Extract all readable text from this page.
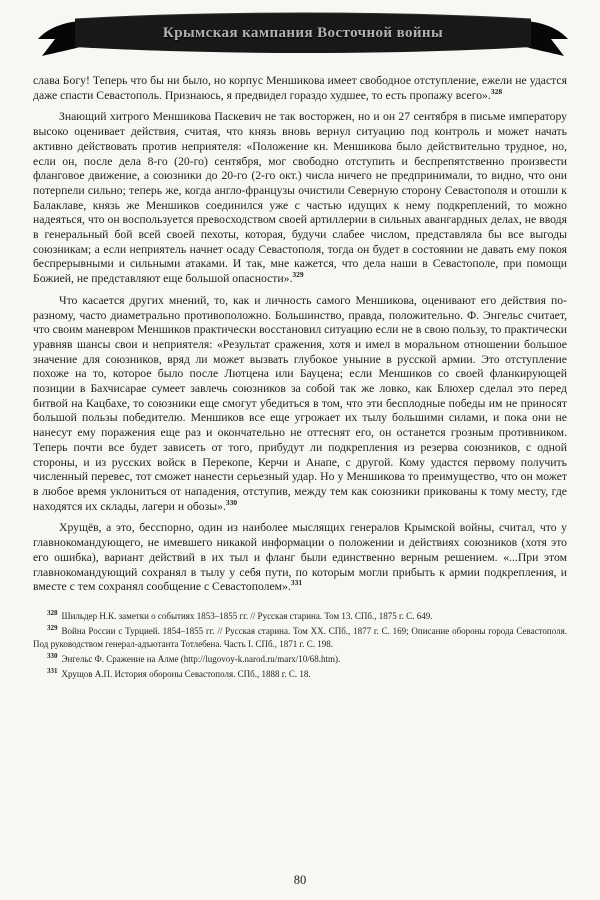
Крымская кампания Восточной войны

слава Богу! Теперь что бы ни было, но корпус Меншикова имеет свободное отступление, ежели не удастся даже спасти Севастополь. Признаюсь, я предвидел гораздо худшее, то есть пропажу всего».$^{328}$

Знающий хитрого Меншикова Паскевич не так восторжен, но и он 27 сентября в письме императору высоко оценивает действия, считая, что князь вновь вернул ситуацию под контроль и может начать активно действовать против неприятеля: «Положение кн. Меншикова было действительно трудное, но, если он, после дела 8-го (20-го) сентября, мог свободно отступить и беспрепятственно произвести фланговое движение, а союзники до 20-го (2-го окт.) числа ничего не предпринимали, то видно, что они потерпели сильно; теперь же, когда англо-французы очистили Северную сторону Севастополя и отошли к Балаклаве, князь же Меншиков соединился уже с частью идущих к нему подкреплений, то можно надеяться, что он воспользуется превосходством своей артиллерии в сильных авангардных делах, не вводя в генеральный бой всей своей пехоты, которая, будучи слабее числом, представляла бы все выгоды союзникам; а если неприятель начнет осаду Севастополя, тогда он будет в состоянии не давать ему покоя беспрерывными и сильными атаками. И так, мне кажется, что дела наши в Севастополе, при помощи Божией, не представляют еще большой опасности».$^{329}$

Что касается других мнений, то, как и личность самого Меншикова, оценивают его действия по-разному, часто диаметрально противоположно. Большинство, правда, положительно. Ф. Энгельс считает, что своим маневром Меншиков практически восстановил ситуацию если не в свою пользу, то практически уравняв шансы свои и неприятеля: «Результат сражения, хотя и имел в моральном отношении большое значение для союзников, вряд ли может вызвать глубокое уныние в русской армии. Это отступление похоже на то, которое было после Лютцена или Бауцена; если Меншиков со своей фланкирующей позиции в Бахчисарае сумеет завлечь союзников за собой так же ловко, как Блюхер сделал это перед битвой на Кацбахе, то союзники еще смогут убедиться в том, что эти бесплодные победы им не приносят большой пользы победителю. Меншиков все еще угрожает их тылу большими силами, и пока они не нанесут ему поражения еще раз и окончательно не оттеснят его, он останется грозным противником. Теперь почти все будет зависеть от того, прибудут ли подкрепления из резерва союзников, с одной стороны, и из русских войск в Перекопе, Керчи и Анапе, с другой. Кому удастся первому получить численный перевес, тот сможет нанести серьезный удар. Но у Меншикова то преимущество, что он может в любое время уклониться от нападения, отступив, между тем как союзники прикованы к тому месту, где находятся их склады, лагери и обозы».$^{330}$

Хрущёв, а это, бесспорно, один из наиболее мыслящих генералов Крымской войны, считал, что у главнокомандующего, не имевшего никакой информации о положении и действиях союзников (хотя это его ошибка), вариант действий в их тыл и фланг были единственно верным решением. «...При этом главнокомандующий сохранял в тылу у себя пути, по которым могли прибыть к армии подкрепления, и вместе с тем сохранял сообщение с Севастополем».$^{331}$

$^{328}$ Шильдер Н.К. заметки о событиях 1853–1855 гг. // Русская старина. Том 13. СПб., 1875 г. С. 649.
$^{329}$ Война России с Турцией. 1854–1855 гг. // Русская старина. Том XX. СПб., 1877 г. С. 169; Описание обороны города Севастополя. Под руководством генерал-адъютанта Тотлебена. Часть I. СПб., 1871 г. С. 198.
$^{330}$ Энгельс Ф. Сражение на Алме (http://lugovoy-k.narod.ru/marx/10/68.htm).
$^{331}$ Хрущов А.П. История обороны Севастополя. СПб., 1888 г. С. 18.
80
